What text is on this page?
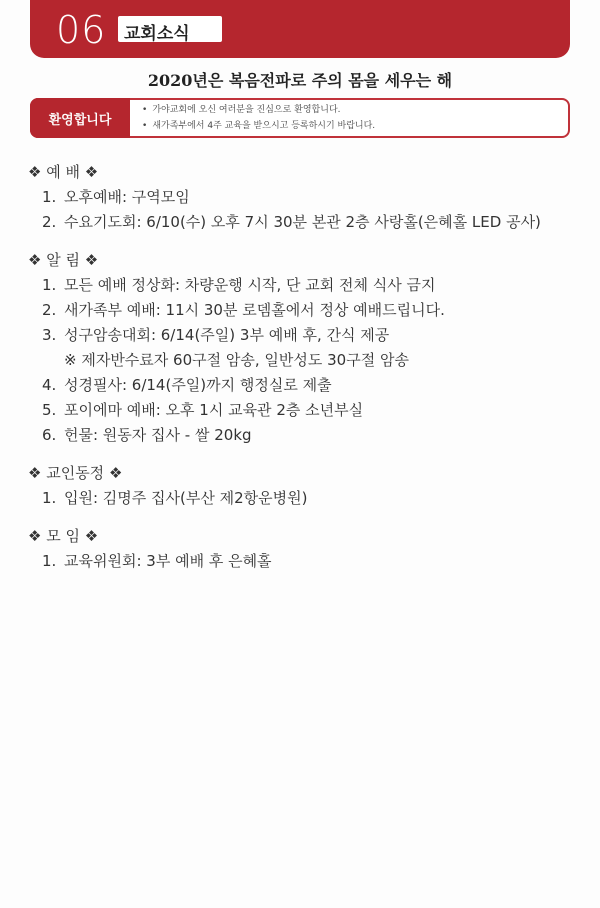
06 교회소식
2020년은 복음전파로 주의 몸을 세우는 해
환영합니다
• 가야교회에 오신 여러분을 진심으로 환영합니다.
• 새가족부에서 4주 교육을 받으시고 등록하시기 바랍니다.
❖ 예 배 ❖
1. 오후예배: 구역모임
2. 수요기도회: 6/10(수) 오후 7시 30분 본관 2층 사랑홀(은혜홀 LED 공사)
❖ 알 림 ❖
1. 모든 예배 정상화: 차량운행 시작, 단 교회 전체 식사 금지
2. 새가족부 예배: 11시 30분 로뎀홀에서 정상 예배드립니다.
3. 성구암송대회: 6/14(주일) 3부 예배 후, 간식 제공
※ 제자반수료자 60구절 암송, 일반성도 30구절 암송
4. 성경필사: 6/14(주일)까지 행정실로 제출
5. 포이에마 예배: 오후 1시 교육관 2층 소년부실
6. 헌물: 원동자 집사 - 쌀 20kg
❖ 교인동정 ❖
1. 입원: 김명주 집사(부산 제2항운병원)
❖ 모 임 ❖
1. 교육위원회: 3부 예배 후 은혜홀
